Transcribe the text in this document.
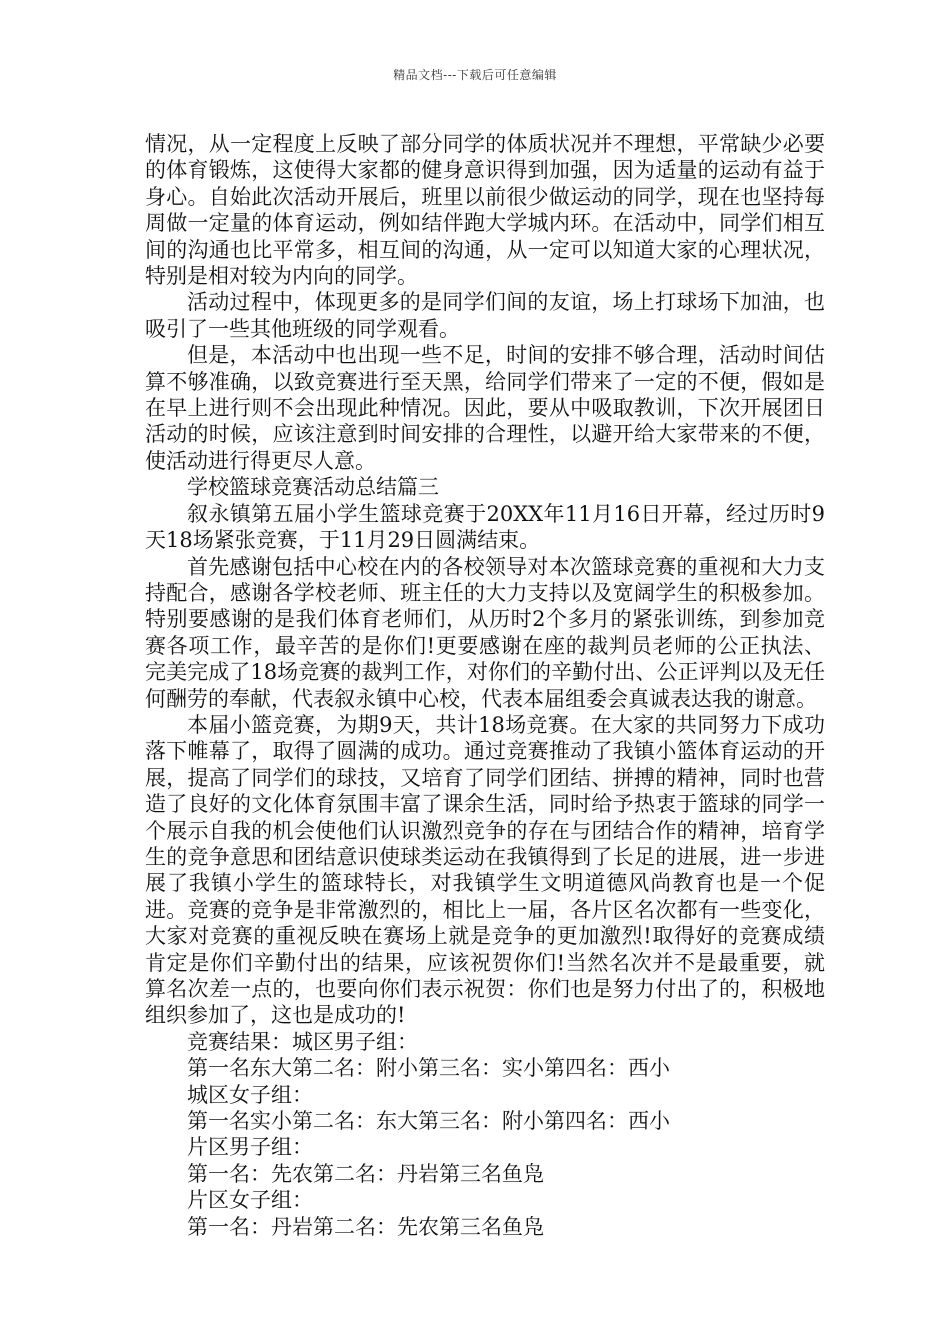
精品文档---下载后可任意编辑

情况，从一定程度上反映了部分同学的体质状况并不理想，平常缺少必要的体育锻炼，这使得大家都的健身意识得到加强，因为适量的运动有益于身心。自始此次活动开展后，班里以前很少做运动的同学，现在也坚持每周做一定量的体育运动，例如结伴跑大学城内环。在活动中，同学们相互间的沟通也比平常多，相互间的沟通，从一定可以知道大家的心理状况，特别是相对较为内向的同学。

活动过程中，体现更多的是同学们间的友谊，场上打球场下加油，也吸引了一些其他班级的同学观看。

但是，本活动中也出现一些不足，时间的安排不够合理，活动时间估算不够准确，以致竞赛进行至天黑，给同学们带来了一定的不便，假如是在早上进行则不会出现此种情况。因此，要从中吸取教训，下次开展团日活动的时候，应该注意到时间安排的合理性，以避开给大家带来的不便，使活动进行得更尽人意。

学校篮球竞赛活动总结篇三

叙永镇第五届小学生篮球竞赛于20XX年11月16日开幕，经过历时9天18场紧张竞赛，于11月29日圆满结束。

首先感谢包括中心校在内的各校领导对本次篮球竞赛的重视和大力支持配合，感谢各学校老师、班主任的大力支持以及宽阔学生的积极参加。特别要感谢的是我们体育老师们，从历时2个多月的紧张训练，到参加竞赛各项工作，最辛苦的是你们!更要感谢在座的裁判员老师的公正执法、完美完成了18场竞赛的裁判工作，对你们的辛勤付出、公正评判以及无任何酬劳的奉献，代表叙永镇中心校，代表本届组委会真诚表达我的谢意。

本届小篮竞赛，为期9天，共计18场竞赛。在大家的共同努力下成功落下帷幕了，取得了圆满的成功。通过竞赛推动了我镇小篮体育运动的开展，提高了同学们的球技，又培育了同学们团结、拼搏的精神，同时也营造了良好的文化体育氛围丰富了课余生活，同时给予热衷于篮球的同学一个展示自我的机会使他们认识激烈竞争的存在与团结合作的精神，培育学生的竞争意思和团结意识使球类运动在我镇得到了长足的进展，进一步进展了我镇小学生的篮球特长，对我镇学生文明道德风尚教育也是一个促进。竞赛的竞争是非常激烈的，相比上一届，各片区名次都有一些变化，大家对竞赛的重视反映在赛场上就是竞争的更加激烈!取得好的竞赛成绩肯定是你们辛勤付出的结果，应该祝贺你们!当然名次并不是最重要，就算名次差一点的，也要向你们表示祝贺：你们也是努力付出了的，积极地组织参加了，这也是成功的!

竞赛结果：城区男子组：

第一名东大第二名：附小第三名：实小第四名：西小

城区女子组：

第一名实小第二名：东大第三名：附小第四名：西小

片区男子组：

第一名：先农第二名：丹岩第三名鱼凫

片区女子组：

第一名：丹岩第二名：先农第三名鱼凫
